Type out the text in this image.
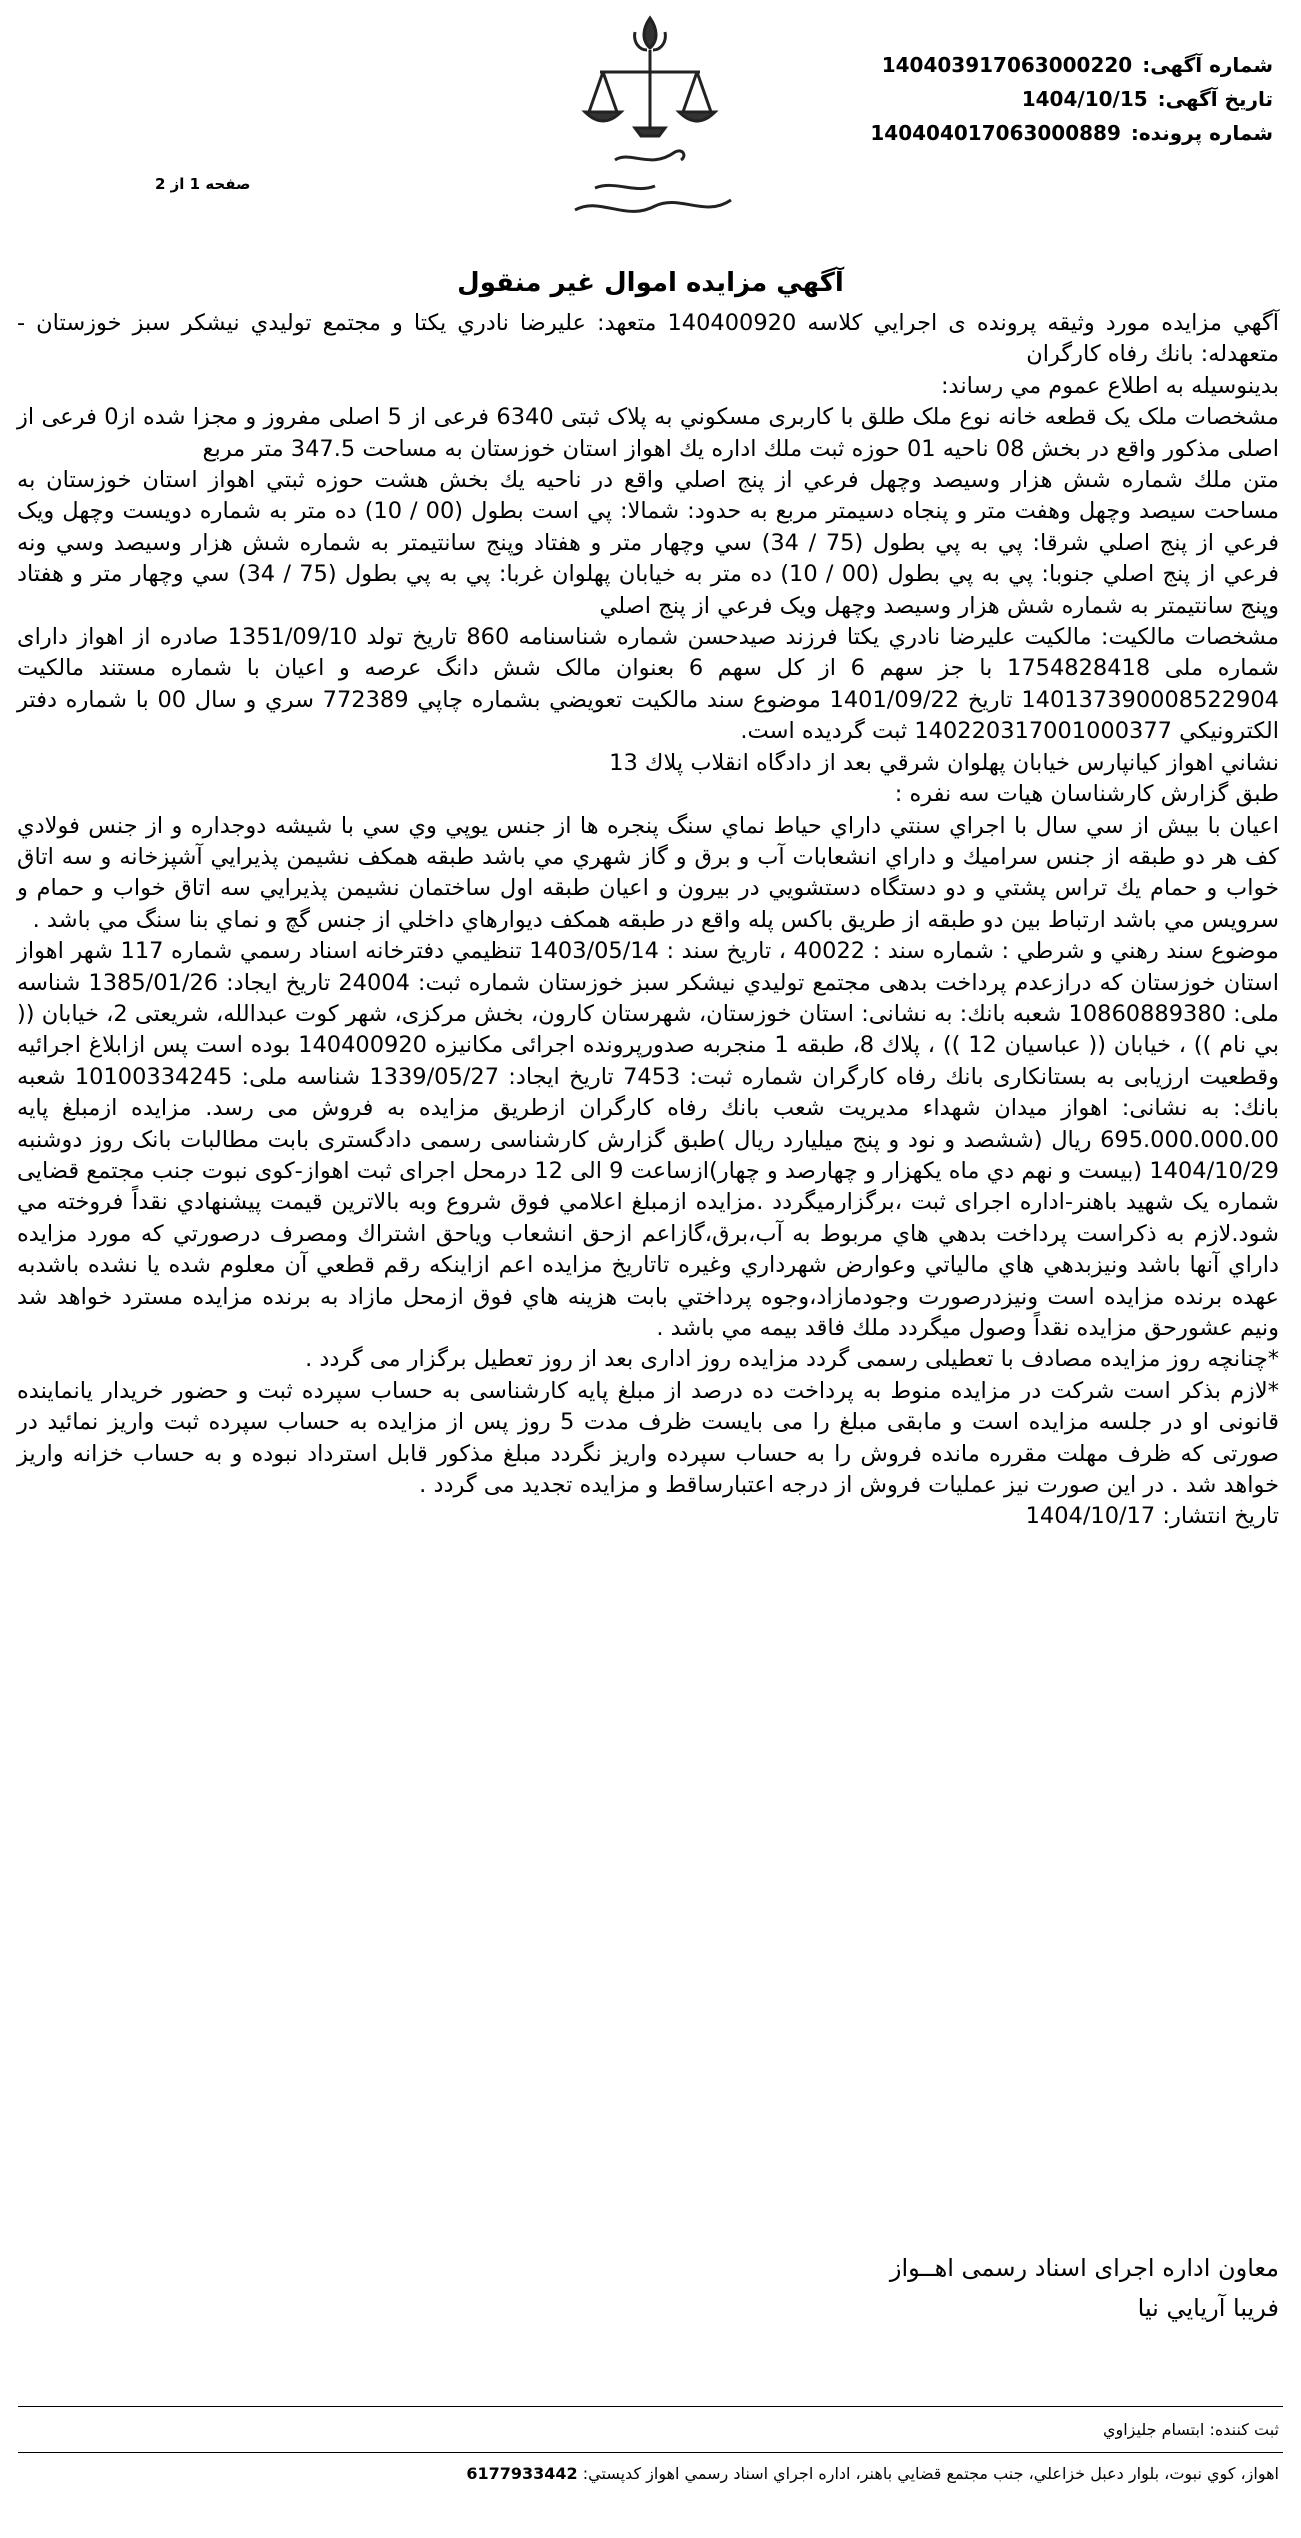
شماره آگهی:
140403917063000220
تاریخ آگهی:
1404/10/15
شماره پرونده:
140404017063000889
صفحه 1 از 2
آگهي مزايده اموال غير منقول

آگهي مزايده مورد وثيقه پرونده ی اجرايي كلاسه 140400920 متعهد: عليرضا نادري يكتا و مجتمع توليدي نيشكر سبز خوزستان - متعهدله: بانك رفاه كارگران

بدينوسيله به اطلاع عموم مي رساند:

مشخصات ملک یک قطعه خانه نوع ملک طلق با کاربری مسکوني به پلاک ثبتی 6340 فرعی از 5 اصلی مفروز و مجزا شده از0 فرعی از اصلی مذکور واقع در بخش 08 ناحیه 01 حوزه ثبت ملك اداره يك اهواز استان خوزستان به مساحت 347.5 متر مربع

متن ملك شماره شش هزار وسيصد وچهل فرعي از پنج اصلي واقع در ناحيه يك بخش هشت حوزه ثبتي اهواز استان خوزستان به مساحت سيصد وچهل وهفت متر و پنجاه دسيمتر مربع به حدود: شمالا: پي است بطول (00 / 10) ده متر به شماره دويست وچهل ويک فرعي از پنج اصلي شرقا: پي به پي بطول (75 / 34) سي وچهار متر و هفتاد وپنج سانتيمتر به شماره شش هزار وسيصد وسي ونه فرعي از پنج اصلي جنوبا: پي به پي بطول (00 / 10) ده متر به خيابان پهلوان غربا: پي به پي بطول (75 / 34) سي وچهار متر و هفتاد وپنج سانتيمتر به شماره شش هزار وسيصد وچهل ويک فرعي از پنج اصلي

مشخصات مالکیت: مالكيت عليرضا نادري يكتا فرزند صيدحسن شماره شناسنامه 860 تاريخ تولد 1351/09/10 صادره از اهواز دارای شماره ملی 1754828418 با جز سهم 6 از کل سهم 6 بعنوان مالک شش دانگ عرصه و اعيان با شماره مستند مالکيت 140137390008522904 تاريخ 1401/09/22 موضوع سند مالكيت تعويضي بشماره چاپي 772389 سري و سال 00 با شماره دفتر الكترونيكي 140220317001000377 ثبت گرديده است.

نشاني اهواز كيانپارس خيابان پهلوان شرقي بعد از دادگاه انقلاب پلاك 13

طبق گزارش كارشناسان هيات سه نفره :

اعيان با بيش از سي سال با اجراي سنتي داراي حياط نماي سنگ پنجره ها از جنس يوپي وي سي با شيشه دوجداره و از جنس فولادي كف هر دو طبقه از جنس سراميك و داراي انشعابات آب و برق و گاز شهري مي باشد طبقه همكف نشيمن پذيرايي آشپزخانه و سه اتاق خواب و حمام يك تراس پشتي و دو دستگاه دستشويي در بيرون و اعيان طبقه اول ساختمان نشيمن پذيرايي سه اتاق خواب و حمام و سرويس مي باشد ارتباط بين دو طبقه از طريق باكس پله واقع در طبقه همكف ديوارهاي داخلي از جنس گچ و نماي بنا سنگ مي باشد .

موضوع سند رهني و شرطي : شماره سند : 40022 ، تاريخ سند : 1403/05/14 تنظيمي دفترخانه اسناد رسمي شماره 117 شهر اهواز استان خوزستان كه درازعدم پرداخت بدهی مجتمع توليدي نيشكر سبز خوزستان شماره ثبت: 24004 تاريخ ايجاد: 1385/01/26 شناسه ملی: 10860889380 شعبه بانك: به نشانی: استان خوزستان، شهرستان کارون، بخش مرکزی، شهر کوت عبدالله، شریعتی 2، خيابان (( بي نام )) ، خيابان (( عباسيان 12 )) ، پلاك 8، طبقه 1 منجربه صدورپرونده اجرائی مکانیزه 140400920 بوده است پس ازابلاغ اجرائيه وقطعيت ارزيابی به بستانکاری بانك رفاه كارگران شماره ثبت: 7453 تاريخ ايجاد: 1339/05/27 شناسه ملی: 10100334245 شعبه بانك: به نشانی: اهواز ميدان شهداء مديريت شعب بانك رفاه كارگران ازطريق مزايده به فروش می رسد. مزایده ازمبلغ پایه 695.000.000.00 ريال (ششصد و نود و پنج میلیارد ریال )طبق گزارش کارشناسی رسمی دادگستری بابت مطالبات بانک روز دوشنبه 1404/10/29 (بيست و نهم دي ماه يكهزار و چهارصد و چهار)ازساعت 9 الی 12 درمحل اجرای ثبت اهواز-کوی نبوت جنب مجتمع قضایی شماره یک شهید باهنر-اداره اجرای ثبت ،برگزارمیگردد .مزايده ازمبلغ اعلامي فوق شروع وبه بالاترين قيمت پيشنهادي نقداً فروخته مي شود.لازم به ذكراست پرداخت بدهي هاي مربوط به آب،برق،گازاعم ازحق انشعاب وياحق اشتراك ومصرف درصورتي كه مورد مزايده داراي آنها باشد ونيزبدهي هاي مالياتي وعوارض شهرداري وغيره تاتاريخ مزايده اعم ازاينكه رقم قطعي آن معلوم شده يا نشده باشدبه عهده برنده مزايده است ونيزدرصورت وجودمازاد،وجوه پرداختي بابت هزينه هاي فوق ازمحل مازاد به برنده مزايده مسترد خواهد شد ونيم عشورحق مزايده نقداً وصول ميگردد ملك فاقد بيمه مي باشد .

*چنانچه روز مزایده مصادف با تعطیلی رسمی گردد مزایده روز اداری بعد از روز تعطیل برگزار می گردد .

*لازم بذکر است شرکت در مزایده منوط به پرداخت ده درصد از مبلغ پایه کارشناسی به حساب سپرده ثبت و حضور خریدار یانماینده قانونی او در جلسه مزایده است و مابقی مبلغ را می بایست ظرف مدت 5 روز پس از مزایده به حساب سپرده ثبت واریز نمائید در صورتی که ظرف مهلت مقرره مانده فروش را به حساب سپرده واریز نگردد مبلغ مذکور قابل استرداد نبوده و به حساب خزانه واریز خواهد شد . در این صورت نیز عملیات فروش از درجه اعتبارساقط و مزایده تجدید می گردد .

تاريخ انتشار: 1404/10/17

معاون اداره اجرای اسناد رسمی اهــواز
فريبا آريايي نيا
ثبت كننده: ابتسام جليزاوي
اهواز، كوي نبوت، بلوار دعبل خزاعلي، جنب مجتمع قضايي باهنر، اداره اجراي اسناد رسمي اهواز كدپستي: 6177933442
